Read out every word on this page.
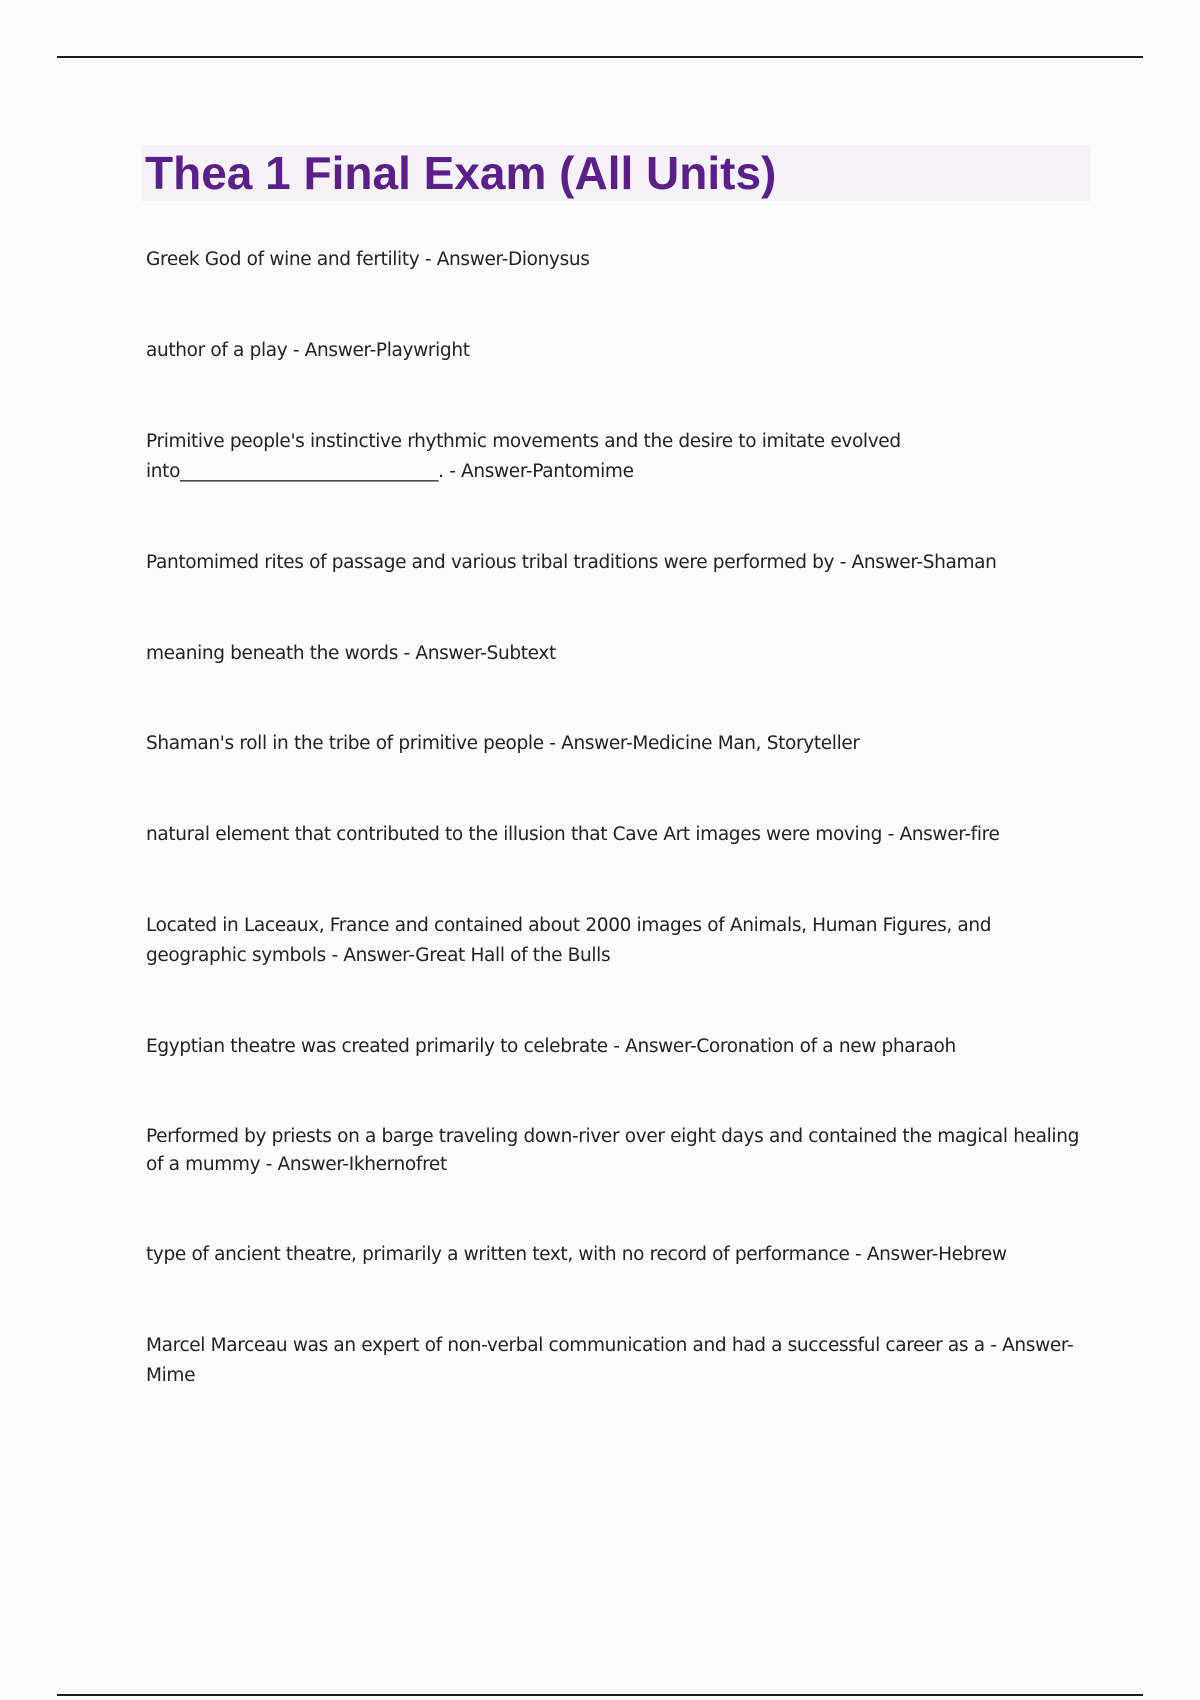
Thea 1 Final Exam (All Units)

Greek God of wine and fertility - Answer-Dionysus

author of a play - Answer-Playwright

Primitive people's instinctive rhythmic movements and the desire to imitate evolved into_____________________________. - Answer-Pantomime

Pantomimed rites of passage and various tribal traditions were performed by - Answer-Shaman

meaning beneath the words - Answer-Subtext

Shaman's roll in the tribe of primitive people - Answer-Medicine Man, Storyteller

natural element that contributed to the illusion that Cave Art images were moving - Answer-fire

Located in Laceaux, France and contained about 2000 images of Animals, Human Figures, and geographic symbols - Answer-Great Hall of the Bulls

Egyptian theatre was created primarily to celebrate - Answer-Coronation of a new pharaoh

Performed by priests on a barge traveling down-river over eight days and contained the magical healing of a mummy - Answer-Ikhernofret

type of ancient theatre, primarily a written text, with no record of performance - Answer-Hebrew

Marcel Marceau was an expert of non-verbal communication and had a successful career as a - Answer-Mime
